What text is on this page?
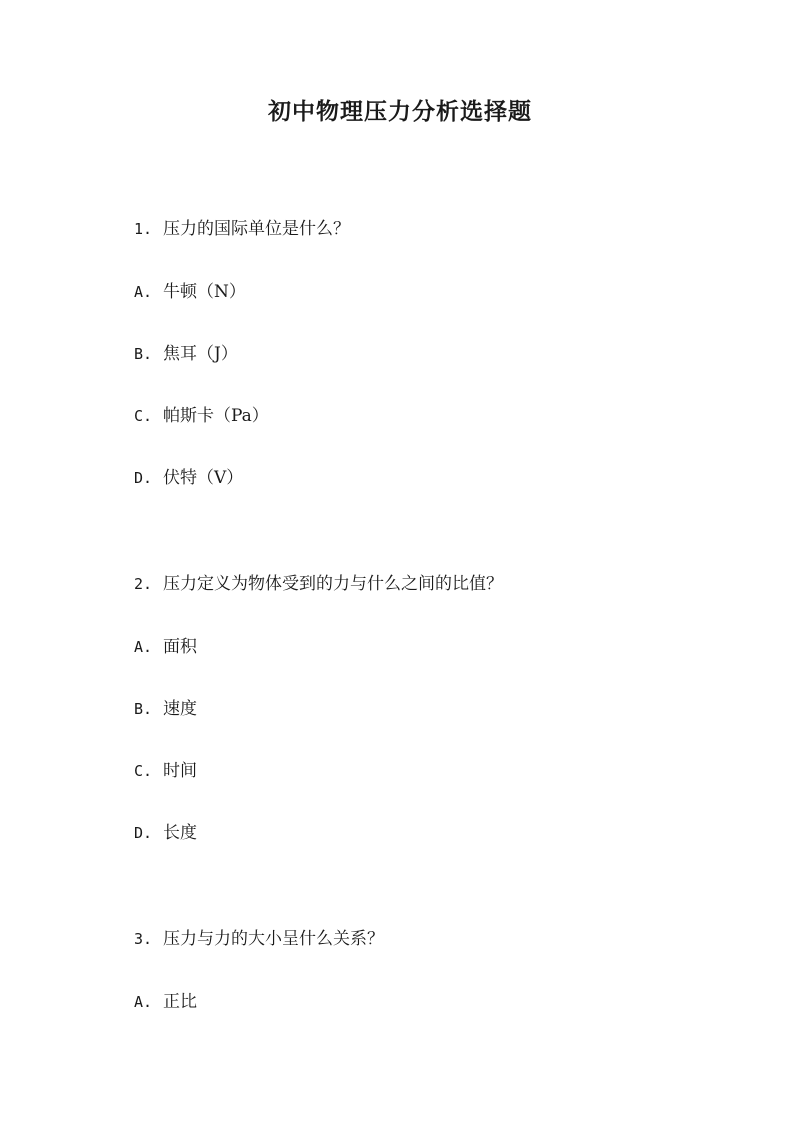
初中物理压力分析选择题
1. 压力的国际单位是什么？
A. 牛顿（N）
B. 焦耳（J）
C. 帕斯卡（Pa）
D. 伏特（V）
2. 压力定义为物体受到的力与什么之间的比值？
A. 面积
B. 速度
C. 时间
D. 长度
3. 压力与力的大小呈什么关系？
A. 正比
